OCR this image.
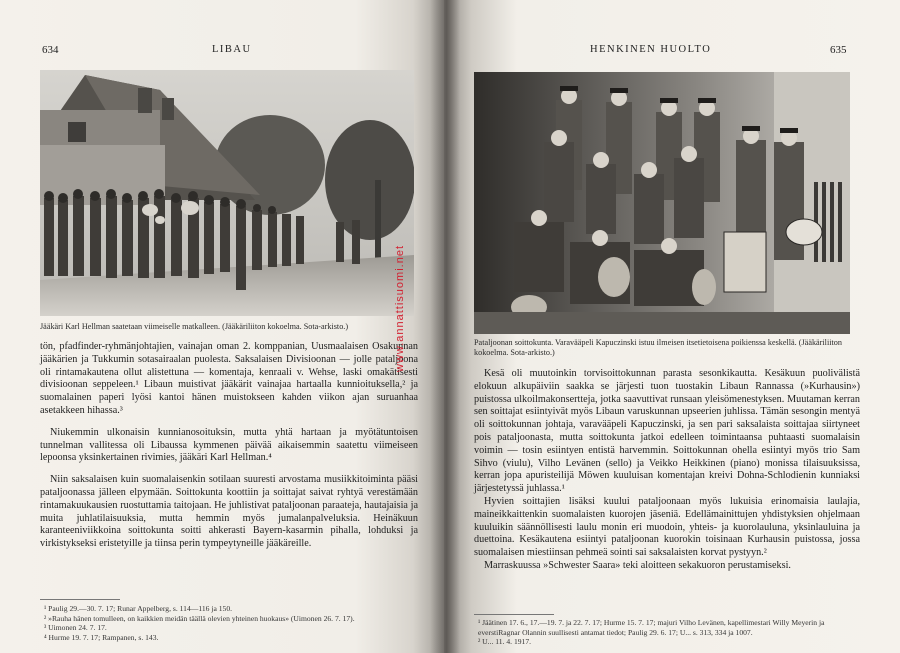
634	LIBAU
Jääkäri Karl Hellman saatetaan viimeiselle matkalleen. (Jääkäriliiton kokoelma. Sota-arkisto.)

tön, pfadfinder-ryhmänjohtajien, vainajan oman 2. komppanian, Uusmaalaisen Osakunnan jääkärien ja Tukkumin sotasairaalan puolesta. Saksalaisen Divisioonan — jolle pataljoona oli rintamakautena ollut alistettuna — komentaja, kenraali v. Wehse, laski omakätisesti divisioonan seppeleen.¹ Libaun muistivat jääkärit vainajaa hartaalla kunnioituksella,² ja suomalainen paperi lyösi kantoi hänen muistokseen kahden viikon ajan suruanhaa asetakkeen hihassa.³

Niukemmin ulkonaisin kunnianosoituksin, mutta yhtä hartaan ja myötätuntoisen tunnelman vallitessa oli Libaussa kymmenen päivää aikaisemmin saatettu viimeiseen lepoonsa yksinkertainen rivimies, jääkäri Karl Hellman.⁴

Niin saksalaisen kuin suomalaisenkin sotilaan suuresti arvostama musiikkitoiminta pääsi pataljoonassa jälleen elpymään. Soittokunta koottiin ja soittajat saivat ryhtyä verestämään rintamakuukausien ruostuttamia taitojaan. He juhlistivat pataljoonan paraateja, hautajaisia ja muita juhlatilaisuuksia, mutta hemmin myös jumalanpalveluksia. Heinäkuun karanteeniviikkoina soittokunta soitti ahkerasti Bayern-kasarmin pihalla, lohduksi ja virkistykseksi eristetyille ja tiinsa perin tympeytyneille jääkäreille.

¹ Paulig 29.—30. 7. 17; Runar Appelberg, s. 114—116 ja 150.
² »Rauha hänen tomulleen, on kaikkien meidän täällä olevien yhteinen huokaus» (Uimonen 26. 7. 17).
³ Uimonen 24. 7. 17.
⁴ Hurme 19. 7. 17; Rampanen, s. 143.
HENKINEN HUOLTO	635
Pataljoonan soittokunta. Varavääpeli Kapuczinski istuu ilmeisen itsetietoisena poikienssa keskellä. (Jääkäriliiton kokoelma. Sota-arkisto.)

Kesä oli muutoinkin torvisoittokunnan parasta sesonkikautta. Kesäkuun puolivälistä elokuun alkupäiviin saakka se järjesti tuon tuostakin Libaun Rannassa (»Kurhausin») puistossa ulkoilmakonsertteja, jotka saavuttivat runsaan yleisömenestyksen. Muutaman kerran sen soittajat esiintyivät myös Libaun varuskunnan upseerien juhlissa. Tämän sesongin mentyä oli soittokunnan johtaja, varavääpeli Kapuczinski, ja sen pari saksalaista soittajaa siirtyneet pois pataljoonasta, mutta soittokunta jatkoi edelleen toimintaansa puhtaasti suomalaisin voimin — tosin esiintyen entistä harvemmin. Soittokunnan ohella esiintyi myös trio Sam Sihvo (viulu), Vilho Levänen (sello) ja Veikko Heikkinen (piano) monissa tilaisuuksissa, kerran jopa apuristeilijä Möwen kuuluisan komentajan kreivi Dohna-Schlodienin kunniaksi järjestetyssä juhlassa.¹

Hyvien soittajien lisäksi kuului pataljoonaan myös lukuisia erinomaisia laulajia, maineikkaittenkin suomalaisten kuorojen jäseniä. Edellämainittujen yhdistyksien ohjelmaan kuuluikin säännöllisesti laulu monin eri muodoin, yhteis- ja kuorolauluna, yksinlauluina ja duettoina. Kesäkautena esiintyi pataljoonan kuorokin toisinaan Kurhausin puistossa, jossa suomalaisen miestiinsan pehmeä sointi sai saksalaisten korvat pystyyn.²

Marraskuussa »Schwester Saara» teki aloitteen sekakuoron perustamiseksi.

¹ Jäätinen 17. 6., 17.—19. 7. ja 22. 7. 17; Hurme 15. 7. 17; majuri Vilho Levänen, kapellimestari Willy Meyerin ja everstiRagnar Olannin suullisesti antamat tiedot; Paulig 29. 6. 17; U... s. 313, 334 ja 1007.
² U... 11. 4. 1917.
www.annattisuomi.net
